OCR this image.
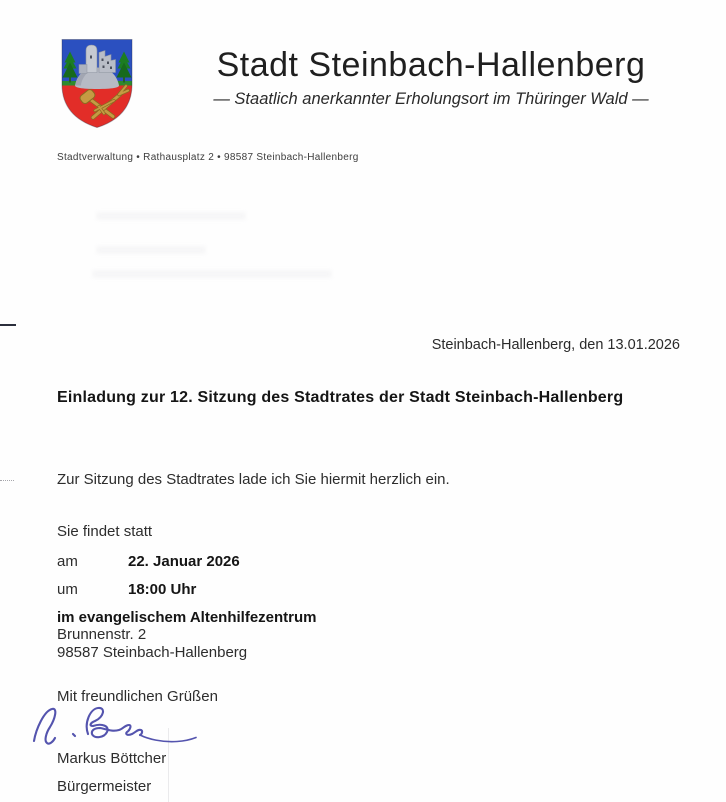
Stadt Steinbach-Hallenberg
— Staatlich anerkannter Erholungsort im Thüringer Wald —
Stadtverwaltung • Rathausplatz 2 • 98587 Steinbach-Hallenberg
Steinbach-Hallenberg, den 13.01.2026
Einladung zur 12. Sitzung des Stadtrates der Stadt Steinbach-Hallenberg
Zur Sitzung des Stadtrates lade ich Sie hiermit herzlich ein.
Sie findet statt
am	22. Januar 2026
um	18:00 Uhr
im evangelischem Altenhilfezentrum
Brunnenstr. 2
98587 Steinbach-Hallenberg
Mit freundlichen Grüßen
Markus Böttcher
Bürgermeister
